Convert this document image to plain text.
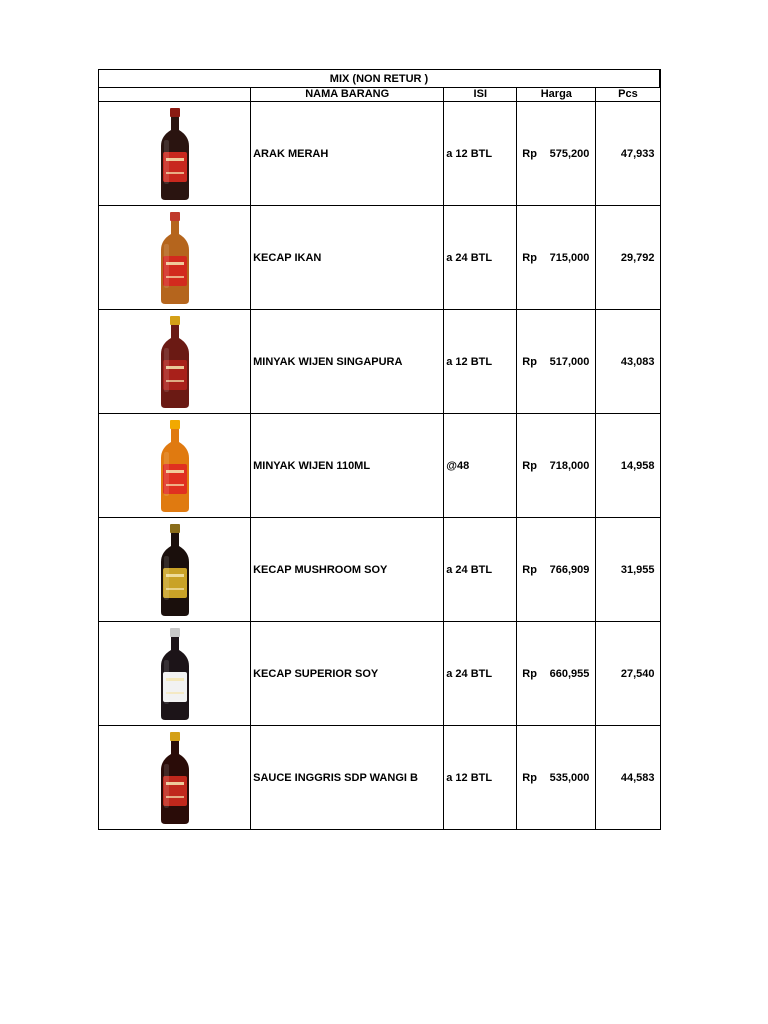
MIX (NON RETUR )				
	NAMA BARANG	ISI	Harga	Pcs

	ARAK MERAH	a 12 BTL	Rp 575,200	47,933

	KECAP IKAN	a 24 BTL	Rp 715,000	29,792

	MINYAK WIJEN SINGAPURA	a 12 BTL	Rp 517,000	43,083

	MINYAK WIJEN 110ML	@48	Rp 718,000	14,958

	KECAP MUSHROOM SOY	a 24 BTL	Rp 766,909	31,955

	KECAP SUPERIOR SOY	a 24 BTL	Rp 660,955	27,540

	SAUCE INGGRIS SDP WANGI B	a 12 BTL	Rp 535,000	44,583
